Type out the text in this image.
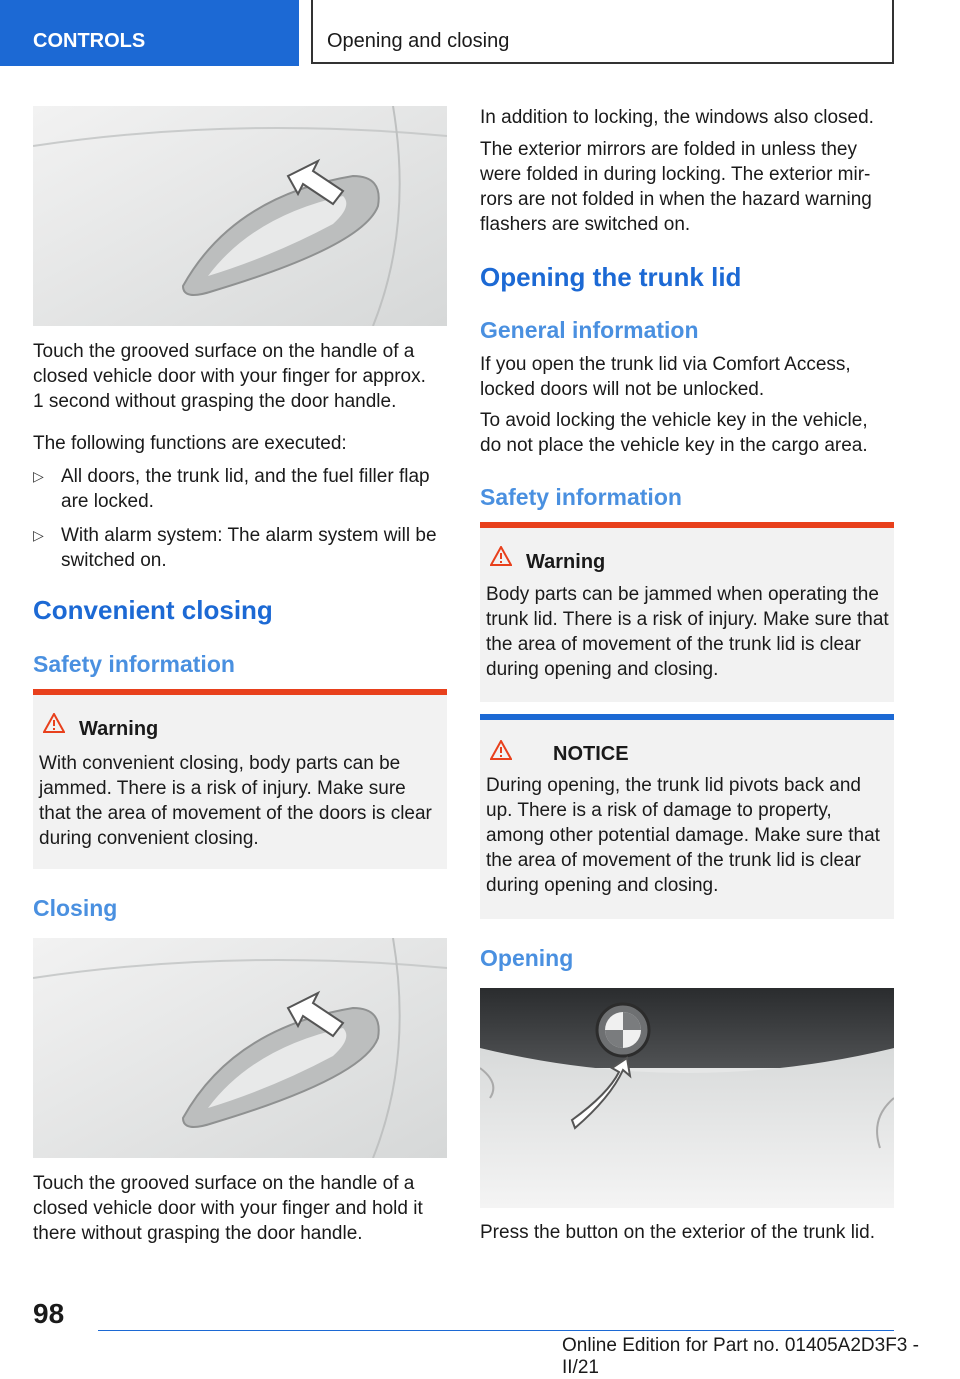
CONTROLS	Opening and closing

Touch the grooved surface on the handle of a

closed vehicle door with your finger for approx.

1 second without grasping the door handle.

The following functions are executed:

▷ All doors, the trunk lid, and the fuel filler flap

are locked.

▷ With alarm system: The alarm system will be

switched on.

Convenient closing
Safety information
Warning

With convenient closing, body parts can be

jammed. There is a risk of injury. Make sure

that the area of movement of the doors is clear

during convenient closing.

Closing

Touch the grooved surface on the handle of a

closed vehicle door with your finger and hold it

there without grasping the door handle.

In addition to locking, the windows also closed.

The exterior mirrors are folded in unless they

were folded in during locking. The exterior mir-

rors are not folded in when the hazard warning

flashers are switched on.

Opening the trunk lid
General information

If you open the trunk lid via Comfort Access,

locked doors will not be unlocked.

To avoid locking the vehicle key in the vehicle,

do not place the vehicle key in the cargo area.

Safety information
Warning

Body parts can be jammed when operating the

trunk lid. There is a risk of injury. Make sure that

the area of movement of the trunk lid is clear

during opening and closing.

NOTICE

During opening, the trunk lid pivots back and

up. There is a risk of damage to property,

among other potential damage. Make sure that

the area of movement of the trunk lid is clear

during opening and closing.

Opening

Press the button on the exterior of the trunk lid.

98
Online Edition for Part no. 01405A2D3F3 - II/21
